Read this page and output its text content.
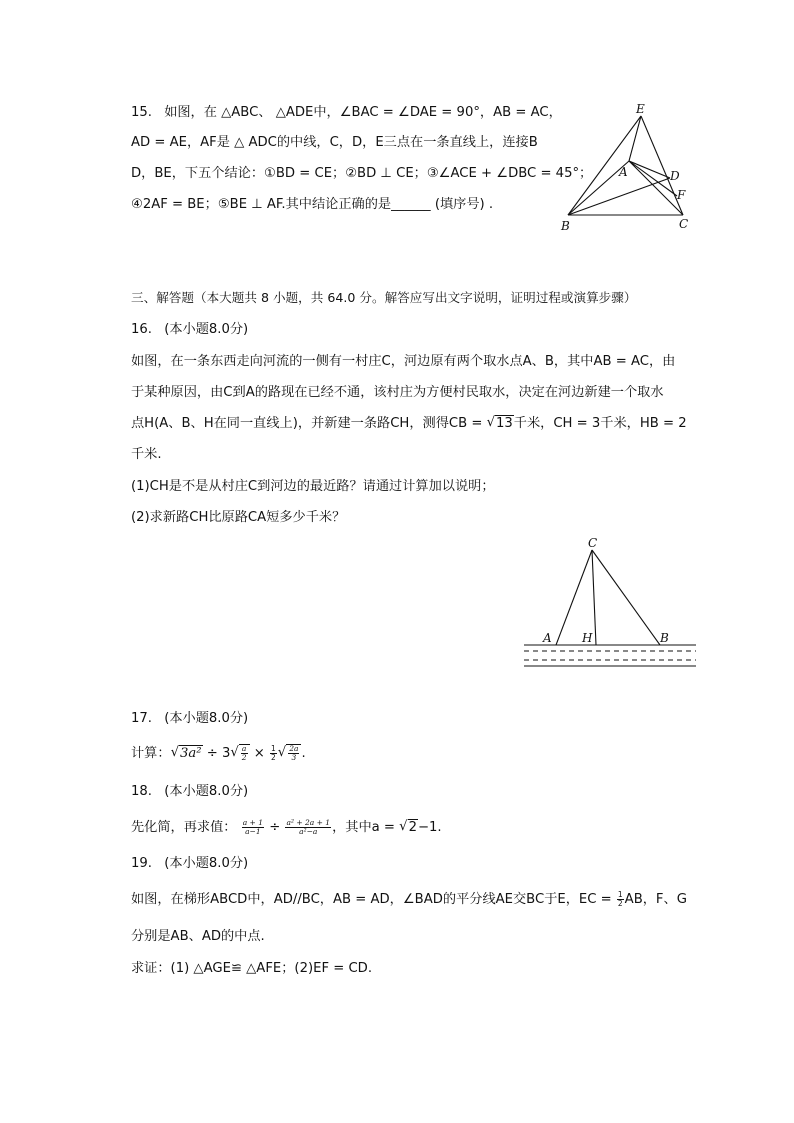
15. 如图，在 △ABC、 △ADE中，∠BAC = ∠DAE = 90°，AB = AC，
AD = AE，AF是 △ ADC的中线，C，D，E三点在一条直线上，连接B
D，BE，下五个结论：①BD = CE；②BD ⊥ CE；③∠ACE + ∠DBC = 45°；
④2AF = BE；⑤BE ⊥ AF.其中结论正确的是______ (填序号) .
E
A	D
F
B	C
三、解答题（本大题共 8 小题，共 64.0 分。解答应写出文字说明，证明过程或演算步骤）
16. (本小题8.0分)
如图，在一条东西走向河流的一侧有一村庄C，河边原有两个取水点A、B，其中AB = AC，由
于某种原因，由C到A的路现在已经不通，该村庄为方便村民取水，决定在河边新建一个取水
点H(A、B、H在同一直线上)，并新建一条路CH，测得CB = √13千米，CH = 3千米，HB = 2
千米.
(1)CH是不是从村庄C到河边的最近路？请通过计算加以说明；
(2)求新路CH比原路CA短多少千米？
C
A	H	B
17. (本小题8.0分)
计算：$√3a^2 \div 3√ \frac{a}{2} \times \frac{1}{2}$ √ $\frac{2a}{3}$ .
18. (本小题8.0分)
先化简，再求值： $\frac{a + 1}{a-1} \div \frac{\text{a² + 2a + 1}}{\text{a²−a}}$ ，其中a = √2−1.
19. (本小题8.0分)
如图，在梯形ABCD中，AD//BC，AB = AD，∠BAD的平分线AE交BC于E，EC = $\frac{1}{2}$ AB，F、G
分别是AB、AD的中点.
求证：(1) △AGE≌ △AFE；(2)EF = CD.
